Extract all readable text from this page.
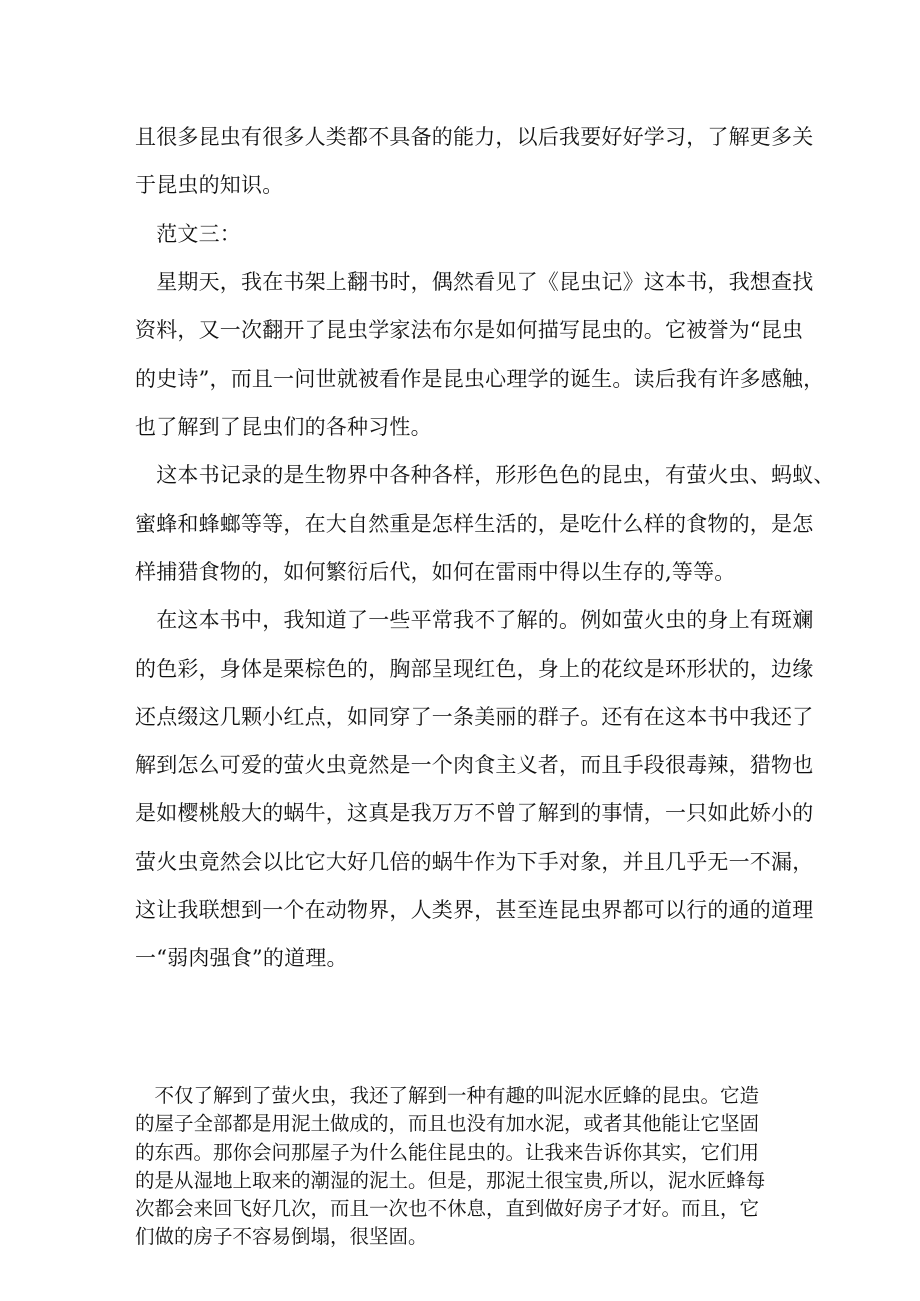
且很多昆虫有很多人类都不具备的能力，以后我要好好学习，了解更多关
于昆虫的知识。
　范文三：
　星期天，我在书架上翻书时，偶然看见了《昆虫记》这本书，我想查找
资料，又一次翻开了昆虫学家法布尔是如何描写昆虫的。它被誉为“昆虫
的史诗”，而且一问世就被看作是昆虫心理学的诞生。读后我有许多感触，
也了解到了昆虫们的各种习性。
　这本书记录的是生物界中各种各样，形形色色的昆虫，有萤火虫、蚂蚁、
蜜蜂和蜂螂等等，在大自然重是怎样生活的，是吃什么样的食物的，是怎
样捕猎食物的，如何繁衍后代，如何在雷雨中得以生存的,等等。
　在这本书中，我知道了一些平常我不了解的。例如萤火虫的身上有斑斓
的色彩，身体是栗棕色的，胸部呈现红色，身上的花纹是环形状的，边缘
还点缀这几颗小红点，如同穿了一条美丽的群子。还有在这本书中我还了
解到怎么可爱的萤火虫竟然是一个肉食主义者，而且手段很毒辣，猎物也
是如樱桃般大的蜗牛，这真是我万万不曾了解到的事情，一只如此娇小的
萤火虫竟然会以比它大好几倍的蜗牛作为下手对象，并且几乎无一不漏，
这让我联想到一个在动物界，人类界，甚至连昆虫界都可以行的通的道理
一“弱肉强食”的道理。
　不仅了解到了萤火虫，我还了解到一种有趣的叫泥水匠蜂的昆虫。它造
的屋子全部都是用泥土做成的，而且也没有加水泥，或者其他能让它坚固
的东西。那你会问那屋子为什么能住昆虫的。让我来告诉你其实，它们用
的是从湿地上取来的潮湿的泥土。但是，那泥土很宝贵,所以，泥水匠蜂每
次都会来回飞好几次，而且一次也不休息，直到做好房子才好。而且，它
们做的房子不容易倒塌，很坚固。
